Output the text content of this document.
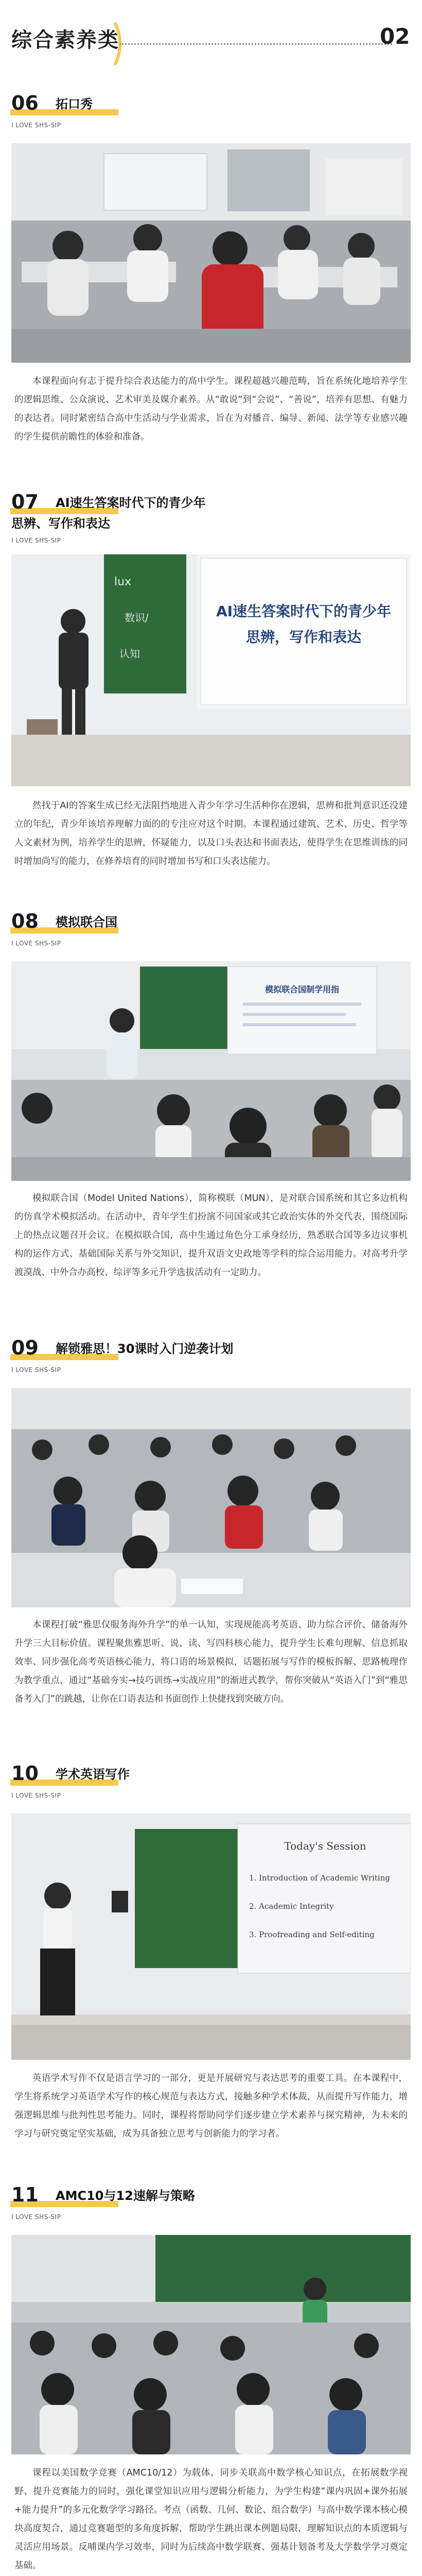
综合素养类	02
06 拓口秀
I LOVE SHS-SIP
本课程面向有志于提升综合表达能力的高中学生。课程超越兴趣范畴，旨在系统化地培养学生的逻辑思维、公众演说、艺术审美及媒介素养。从“敢说”到“会说”、“善说”，培养有思想、有魅力的表达者。同时紧密结合高中生活动与学业需求，旨在为对播音、编导、新闻、法学等专业感兴趣的学生提供前瞻性的体验和准备。
07 AI速生答案时代下的青少年
思辨、写作和表达
I LOVE SHS-SIP
lux
数识/
认知
AI速生答案时代下的青少年
思辨，写作和表达
然找于AI的答案生成已经无法阻挡地进入青少年学习生活种你在逻辑，思辨和批判意识还没建立的年纪，青少年该培养理解力面的的专注应对这个时期。本课程通过建筑、艺术、历史、哲学等人文素材为例，培养学生的思辨，怀疑能力，以及口头表达和书面表达，使得学生在思维训练的同时增加尚写的能力，在修养培育的同时增加书写和口头表达能力。
08 模拟联合国
I LOVE SHS-SIP
模拟联合国制学用指
模拟联合国（Model United Nations），简称模联（MUN），是对联合国系统和其它多边机构的仿真学术模拟活动。在活动中，青年学生们扮演不同国家或其它政治实体的外交代表，围绕国际上的热点议题召开会议。在模拟联合国，高中生通过角色分工承身经历，熟悉联合国等多边议事机构的运作方式、基础国际关系与外交知识，提升双语文史政地等学科的综合运用能力。对高考升学渡漠战、中外合办高校、综评等多元升学选拔活动有一定助力。
09 解锁雅思！30课时入门逆袭计划
I LOVE SHS-SIP
本课程打破“雅思仅服务海外升学”的单一认知，实现规能高考英语、助力综合评价、储备海外升学三大目标价值。课程聚焦雅思听、说、读、写四科核心能力，提升学生长难句理解、信息抓取效率、同步强化高考英语核心能力，将口语的场景模拟，话题拓展与写作的模板拆解、思路梳理作为教学重点，通过“基础夯实→技巧训练→实战应用”的渐进式教学，帮你突破从“英语入门”到“雅思备考入门”的跳越，让你在口语表达和书面创作上快捷找到突破方向。
10 学术英语写作
I LOVE SHS-SIP
Today's Session
1. Introduction of Academic Writing
2. Academic Integrity
3. Proofreading and Self-editing
英语学术写作不仅是语言学习的一部分，更是开展研究与表达思考的重要工具。在本课程中，学生将系统学习英语学术写作的核心规范与表达方式，接触多种学术体裁，从而提升写作能力，增强逻辑思维与批判性思考能力。同时，课程将帮助同学们逐步建立学术素养与探究精神，为未来的学习与研究奠定坚实基础，成为具备独立思考与创新能力的学习者。
11 AMC10与12速解与策略
I LOVE SHS-SIP
课程以美国数学竞赛（AMC10/12）为载体，同步关联高中数学核心知识点，在拓展数学视野、提升竞赛能力的同时，强化课堂知识应用与逻辑分析能力，为学生构建“课内巩固+课外拓展+能力提升”的多元化数学学习路径。考点（函数、几何、数论、组合数学）与高中数学课本核心模块高度契合，通过竞赛题型的多角度拆解，帮助学生跳出课本例题局限，理解知识点的本质逻辑与灵活应用场景。反哺课内学习效率，同时为后续高中数学联赛、强基计划备考及大学数学学习奠定基础。
